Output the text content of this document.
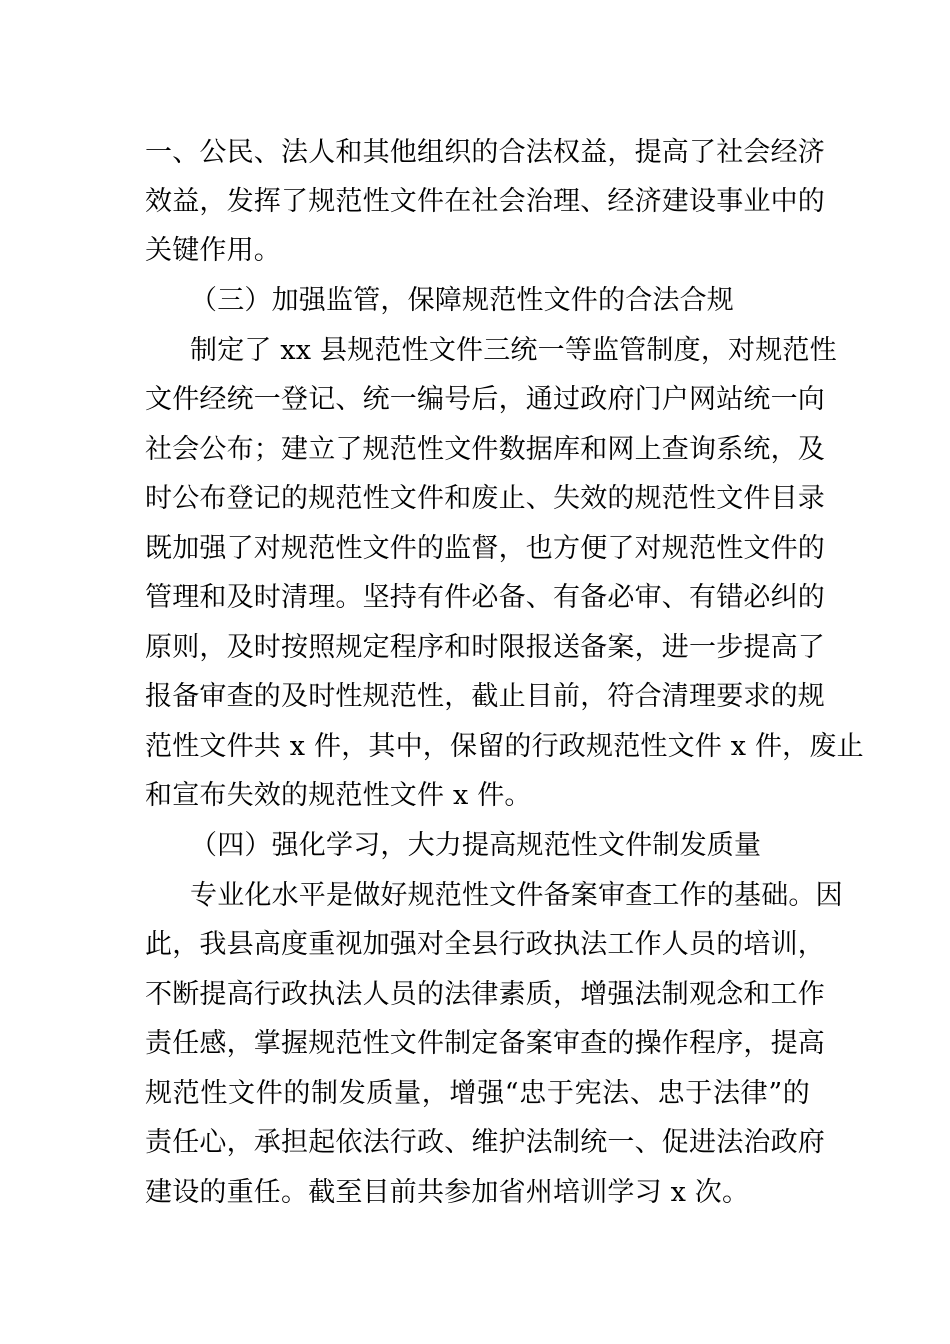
一、公民、法人和其他组织的合法权益，提高了社会经济
效益，发挥了规范性文件在社会治理、经济建设事业中的
关键作用。
（三）加强监管，保障规范性文件的合法合规
制定了 xx 县规范性文件三统一等监管制度，对规范性
文件经统一登记、统一编号后，通过政府门户网站统一向
社会公布；建立了规范性文件数据库和网上查询系统，及
时公布登记的规范性文件和废止、失效的规范性文件目录
既加强了对规范性文件的监督，也方便了对规范性文件的
管理和及时清理。坚持有件必备、有备必审、有错必纠的
原则，及时按照规定程序和时限报送备案，进一步提高了
报备审查的及时性规范性，截止目前，符合清理要求的规
范性文件共 x 件，其中，保留的行政规范性文件 x 件，废止
和宣布失效的规范性文件 x 件。
（四）强化学习，大力提高规范性文件制发质量
专业化水平是做好规范性文件备案审查工作的基础。因
此，我县高度重视加强对全县行政执法工作人员的培训，
不断提高行政执法人员的法律素质，增强法制观念和工作
责任感，掌握规范性文件制定备案审查的操作程序，提高
规范性文件的制发质量，增强“忠于宪法、忠于法律”的
责任心，承担起依法行政、维护法制统一、促进法治政府
建设的重任。截至目前共参加省州培训学习 x 次。
